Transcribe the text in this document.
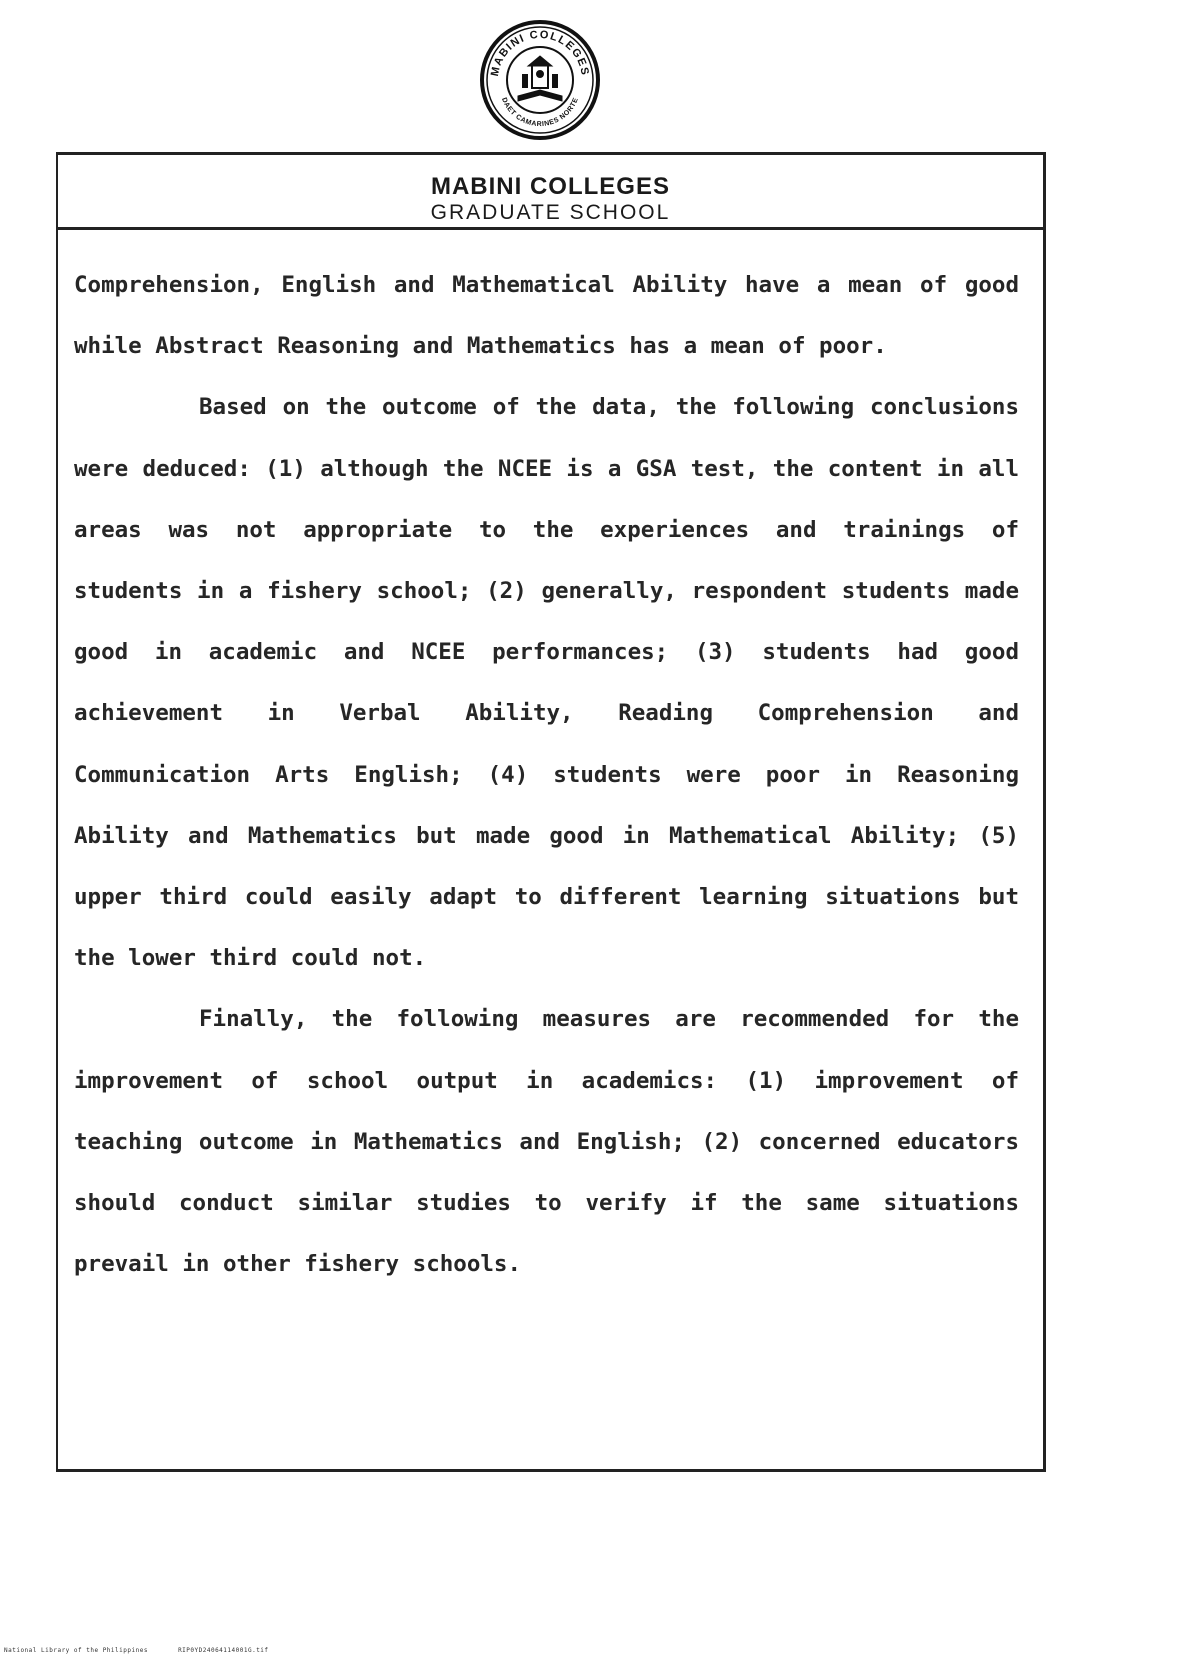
MABINI COLLEGES
DAET CAMARINES NORTE
MABINI COLLEGES
GRADUATE SCHOOL

Comprehension, English and Mathematical Ability have a mean of good while Abstract Reasoning and Mathematics has a mean of poor.

Based on the outcome of the data, the following conclusions were deduced: (1) although the NCEE is a GSA test, the content in all areas was not appropriate to the experiences and trainings of students in a fishery school; (2) generally, respondent students made good in academic and NCEE performances; (3) students had good achievement in Verbal Ability, Reading Comprehension and Communication Arts English; (4) students were poor in Reasoning Ability and Mathematics but made good in Mathematical Ability; (5) upper third could easily adapt to different learning situations but the lower third could not.

Finally, the following measures are recommended for the improvement of school output in academics: (1) improvement of teaching outcome in Mathematics and English; (2) concerned educators should conduct similar studies to verify if the same situations prevail in other fishery schools.

National Library of the Philippines	RIP0YD24064114001G.tif
